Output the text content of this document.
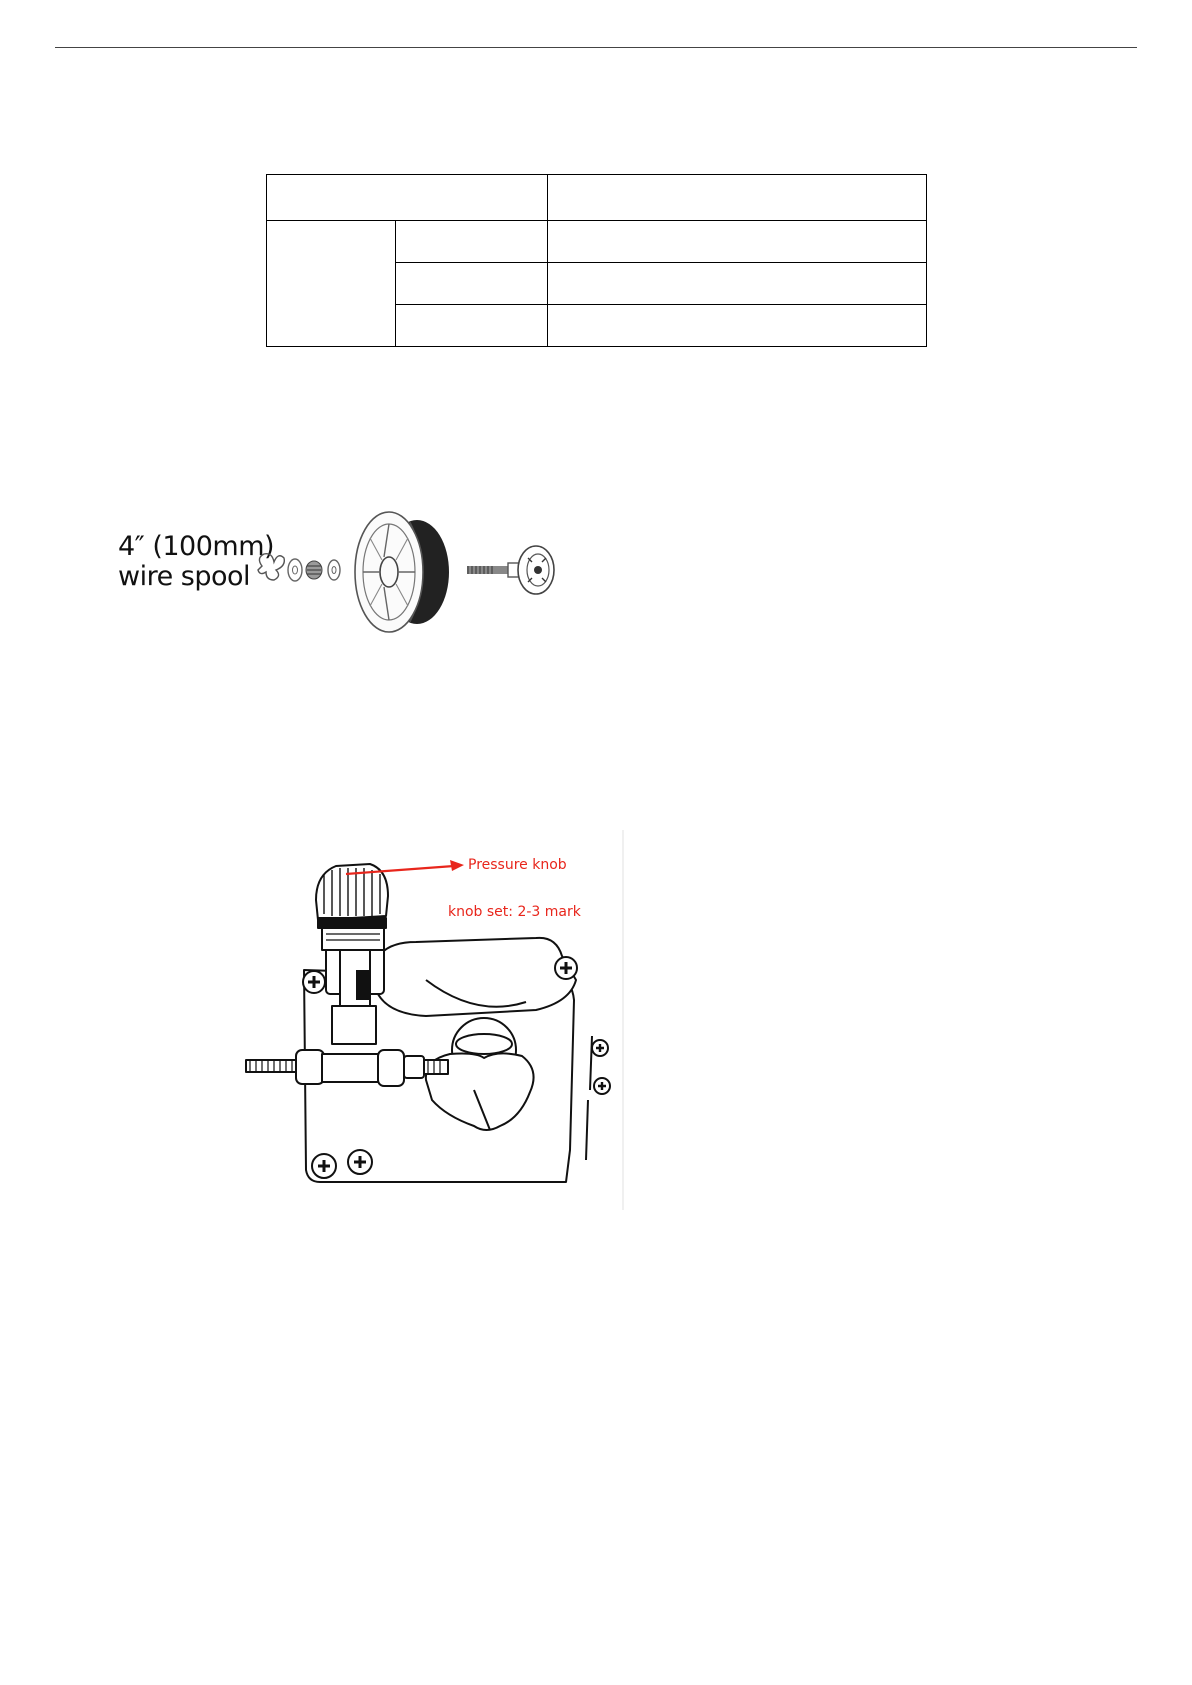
4″ (100mm)
wire spool
Pressure knob
knob set: 2-3 mark
